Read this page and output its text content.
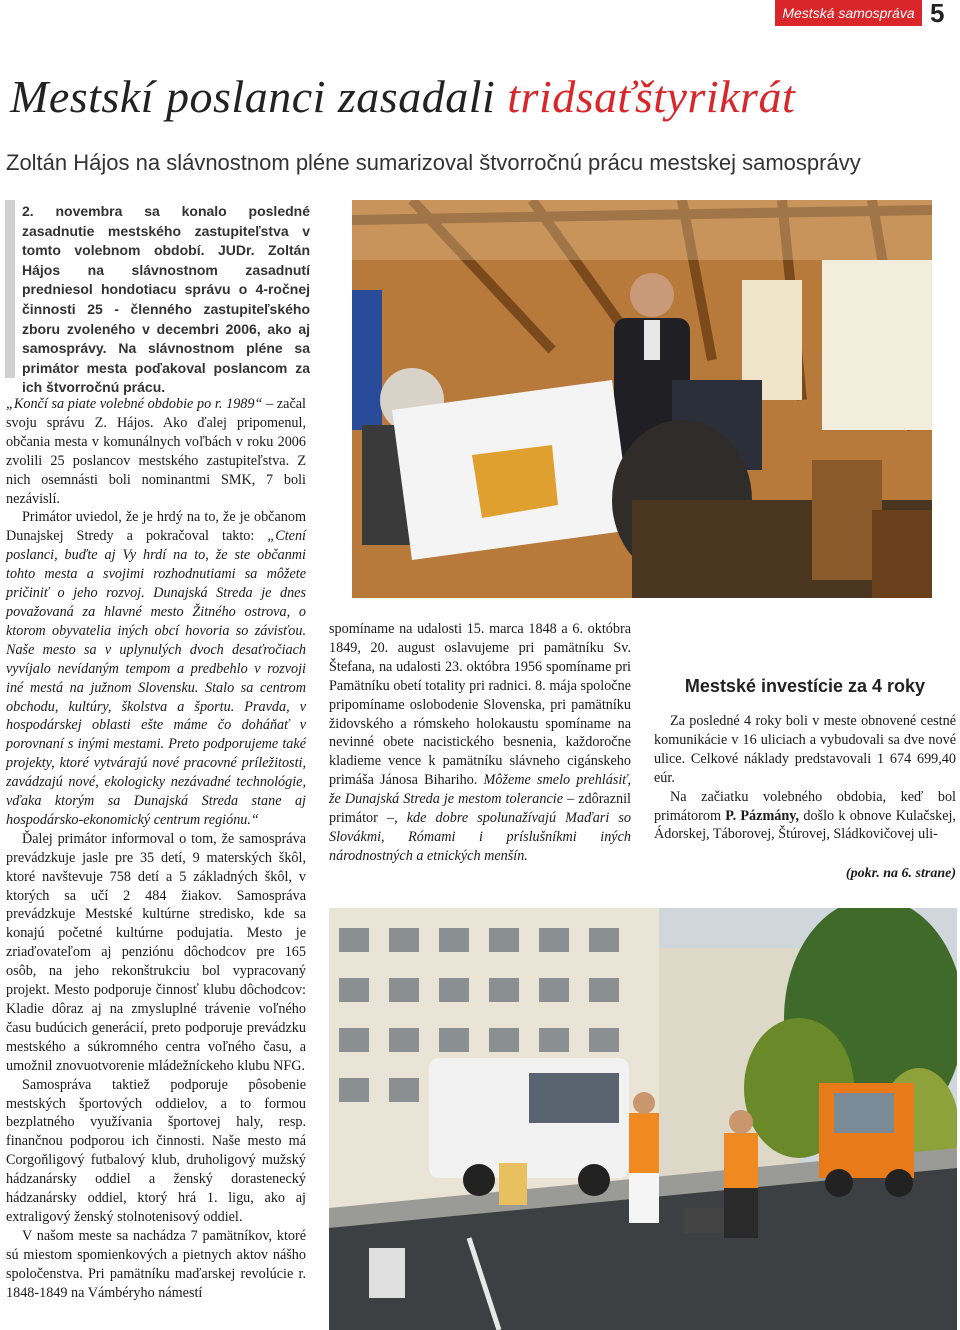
Mestská samospráva 5
Mestskí poslanci zasadali tridsaťštyrikrát
Zoltán Hájos na slávnostnom pléne sumarizoval štvorročnú prácu mestskej samosprávy
2. novembra sa konalo posledné zasadnutie mestského zastupiteľstva v tomto volebnom období. JUDr. Zoltán Hájos na slávnostnom zasadnutí predniesol hondotiacu správu o 4-ročnej činnosti 25 - členného zastupiteľského zboru zvoleného v decembri 2006, ako aj samosprávy. Na slávnostnom pléne sa primátor mesta poďakoval poslancom za ich štvorročnú prácu.

„Končí sa piate volebné obdobie po r. 1989“ – začal svoju správu Z. Hájos. Ako ďalej pripomenul, občania mesta v komunálnych voľbách v roku 2006 zvolili 25 poslancov mestského zastupiteľstva. Z nich osemnásti boli nominantmi SMK, 7 boli nezávislí.

Primátor uviedol, že je hrdý na to, že je občanom Dunajskej Stredy a pokračoval takto: „Ctení poslanci, buďte aj Vy hrdí na to, že ste občanmi tohto mesta a svojimi rozhodnutiami sa môžete pričiniť o jeho rozvoj. Dunajská Streda je dnes považovaná za hlavné mesto Žitného ostrova, o ktorom obyvatelia iných obcí hovoria so závisťou. Naše mesto sa v uplynulých dvoch desaťročiach vyvíjalo nevídaným tempom a predbehlo v rozvoji iné mestá na južnom Slovensku. Stalo sa centrom obchodu, kultúry, školstva a športu. Pravda, v hospodárskej oblasti ešte máme čo doháňať v porovnaní s inými mestami. Preto podporujeme také projekty, ktoré vytvárajú nové pracovné príležitosti, zavádzajú nové, ekologicky nezávadné technológie, vďaka ktorým sa Dunajská Streda stane aj hospodársko-ekonomický centrum regiónu.“

Ďalej primátor informoval o tom, že samospráva prevádzkuje jasle pre 35 detí, 9 materských škôl, ktoré navštevuje 758 detí a 5 základných škôl, v ktorých sa učí 2 484 žiakov. Samospráva prevádzkuje Mestské kultúrne stredisko, kde sa konajú početné kultúrne podujatia. Mesto je zriaďovateľom aj penziónu dôchodcov pre 165 osôb, na jeho rekonštrukciu bol vypracovaný projekt. Mesto podporuje činnosť klubu dôchodcov: Kladie dôraz aj na zmysluplné trávenie voľného času budúcich generácií, preto podporuje prevádzku mestského a súkromného centra voľného času, a umožnil znovuotvorenie mládežníckeho klubu NFG.

Samospráva taktiež podporuje pôsobenie mestských športových oddielov, a to formou bezplatného využívania športovej haly, resp. finančnou podporou ich činnosti. Naše mesto má Corgoňligový futbalový klub, druholigový mužský hádzanársky oddiel a ženský dorastenecký hádzanársky oddiel, ktorý hrá 1. ligu, ako aj extraligový ženský stolnotenisový oddiel.

V našom meste sa nachádza 7 pamätníkov, ktoré sú miestom spomienkových a pietnych aktov nášho spoločenstva. Pri pamätníku maďarskej revolúcie r. 1848-1849 na Vámbéryho námestí

spomíname na udalosti 15. marca 1848 a 6. októbra 1849, 20. august oslavujeme pri pamätníku Sv. Štefana, na udalosti 23. októbra 1956 spomíname pri Pamätníku obetí totality pri radnici. 8. mája spoločne pripomíname oslobodenie Slovenska, pri pamätníku židovského a rómskeho holokaustu spomíname na nevinné obete nacistického besnenia, každoročne kladieme vence k pamätníku slávneho cigánskeho primáša Jánosa Bihariho. Môžeme smelo prehlásiť, že Dunajská Streda je mestom tolerancie – zdôraznil primátor –, kde dobre spolunažívajú Maďari so Slovákmi, Rómami i príslušníkmi iných národnostných a etnických menšín.

Mestské investície za 4 roky

Za posledné 4 roky boli v meste obnovené cestné komunikácie v 16 uliciach a vybudovali sa dve nové ulice. Celkové náklady predstavovali 1 674 699,40 eúr.

Na začiatku volebného obdobia, keď bol primátorom P. Pázmány, došlo k obnove Kulačskej, Ádorskej, Táborovej, Štúrovej, Sládkovičovej uli-

(pokr. na 6. strane)
